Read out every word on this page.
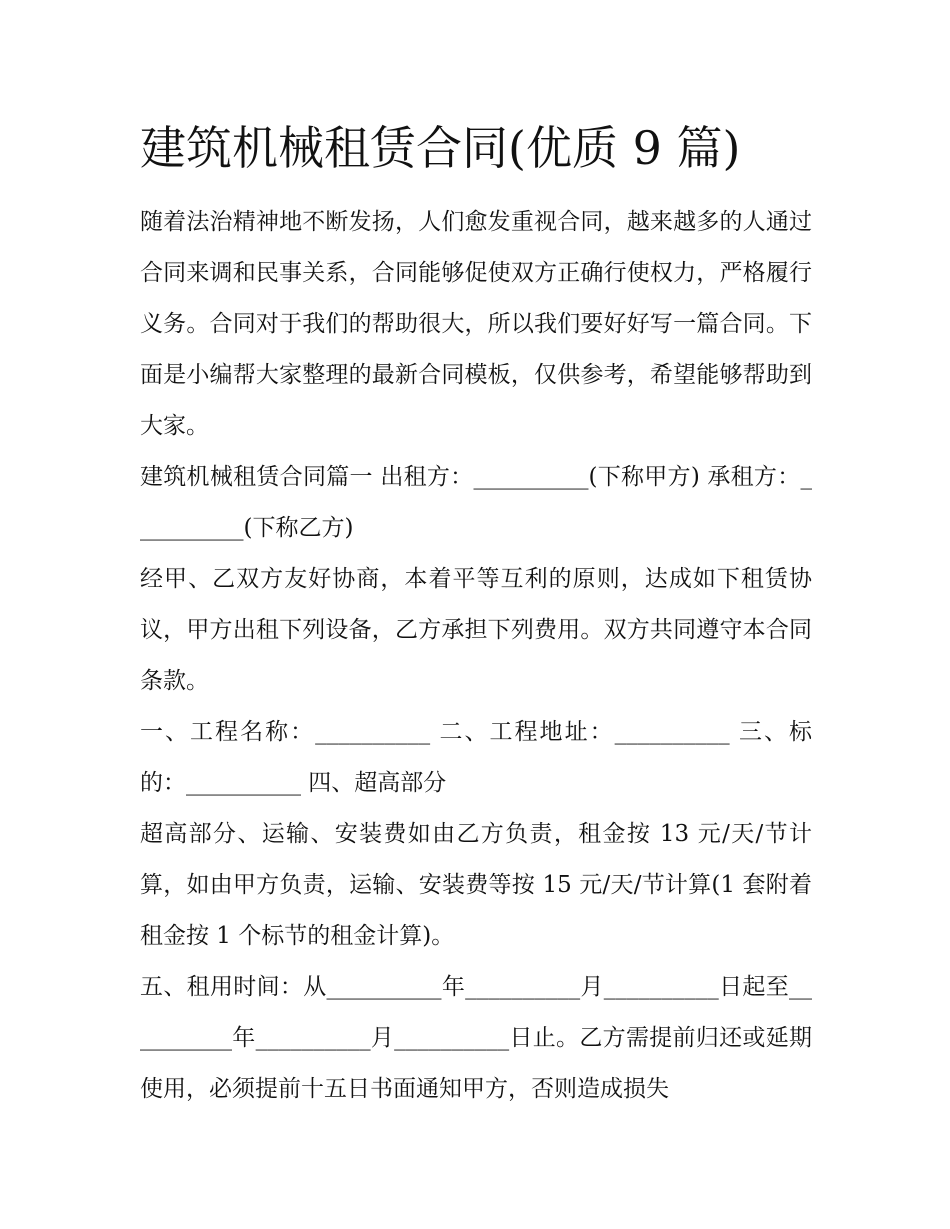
建筑机械租赁合同(优质 9 篇)

随着法治精神地不断发扬，人们愈发重视合同，越来越多的人通过合同来调和民事关系，合同能够促使双方正确行使权力，严格履行义务。合同对于我们的帮助很大，所以我们要好好写一篇合同。下面是小编帮大家整理的最新合同模板，仅供参考，希望能够帮助到大家。

建筑机械租赁合同篇一 出租方：__________(下称甲方) 承租方：__________(下称乙方)

经甲、乙双方友好协商，本着平等互利的原则，达成如下租赁协议，甲方出租下列设备，乙方承担下列费用。双方共同遵守本合同条款。

一、工程名称：__________ 二、工程地址：__________ 三、标的：__________ 四、超高部分

超高部分、运输、安装费如由乙方负责，租金按 13 元/天/节计算，如由甲方负责，运输、安装费等按 15 元/天/节计算(1 套附着租金按 1 个标节的租金计算)。

五、租用时间：从__________年__________月__________日起至__________年__________月__________日止。乙方需提前归还或延期使用，必须提前十五日书面通知甲方，否则造成损失
